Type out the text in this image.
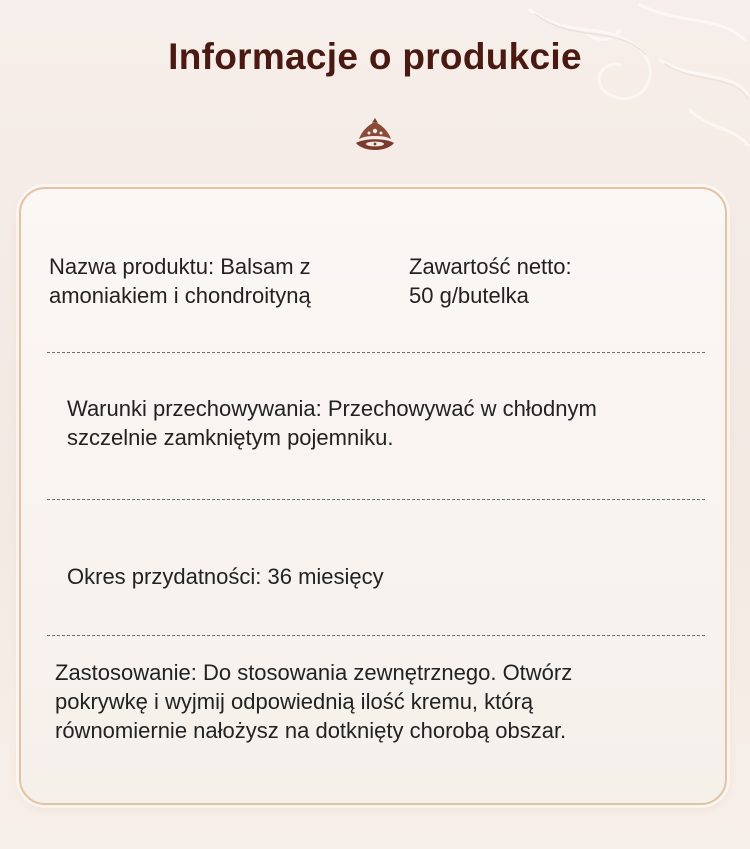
Informacje o produkcie
Nazwa produktu: Balsam z
amoniakiem i chondroityną
Zawartość netto:
50 g/butelka
Warunki przechowywania: Przechowywać w chłodnym
szczelnie zamkniętym pojemniku.
Okres przydatności: 36 miesięcy
Zastosowanie: Do stosowania zewnętrznego. Otwórz
pokrywkę i wyjmij odpowiednią ilość kremu, którą
równomiernie nałożysz na dotknięty chorobą obszar.
